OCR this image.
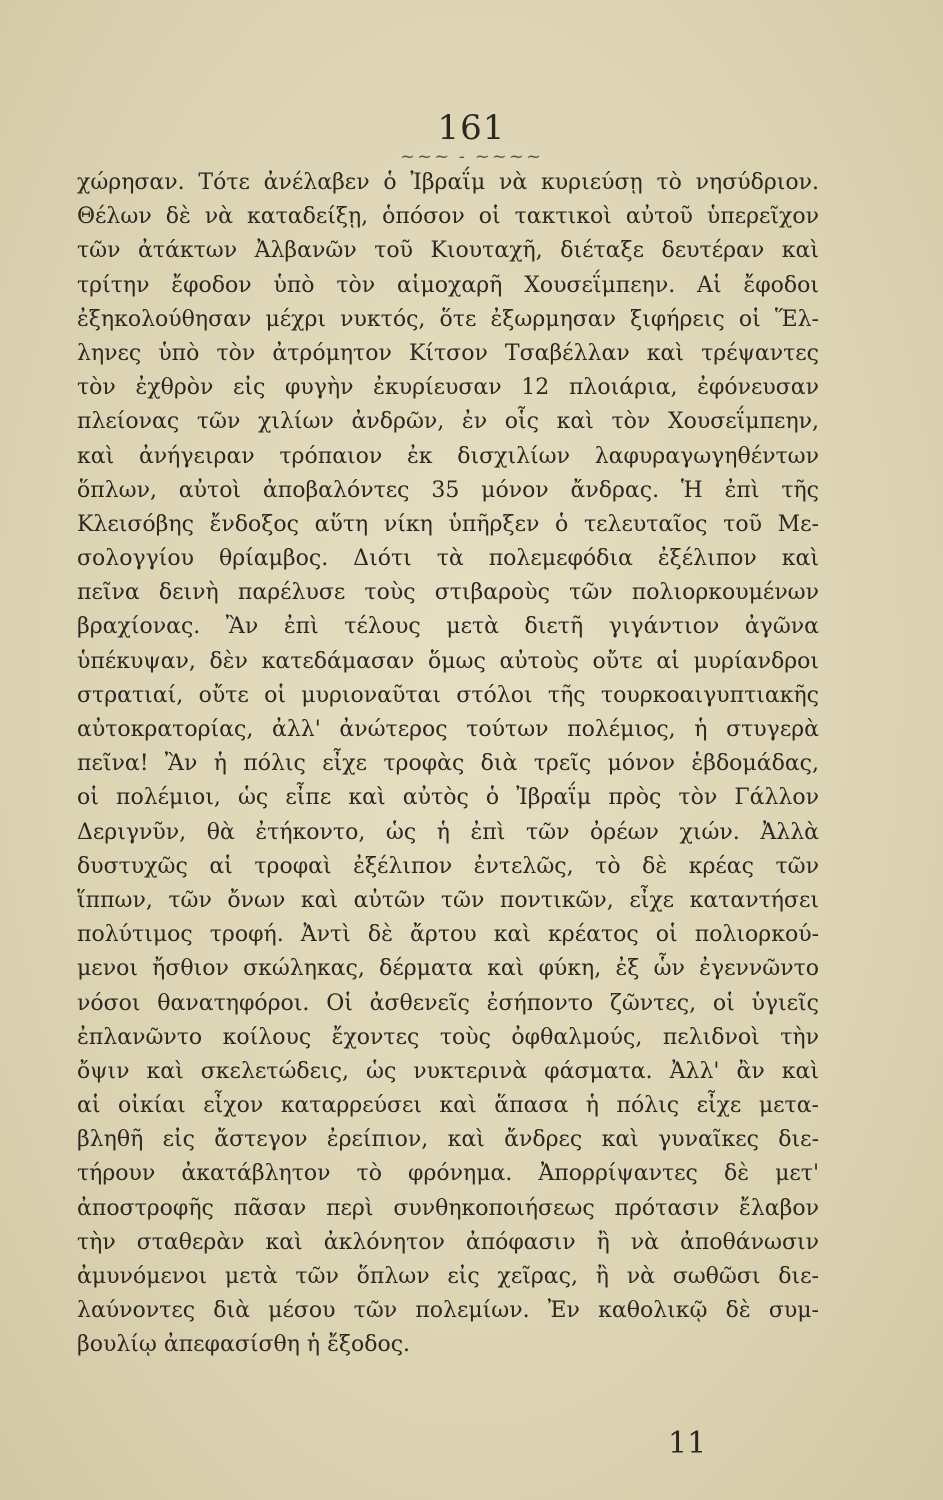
161
~~~ - ~~~~
χώρησαν. Τότε ἀνέλαβεν ὁ Ἰβραΐμ νὰ κυριεύσῃ τὸ νησύδριον.
Θέλων δὲ νὰ καταδείξῃ, ὁπόσον οἱ τακτικοὶ αὐτοῦ ὑπερεῖχον
τῶν ἀτάκτων Ἀλβανῶν τοῦ Κιουταχῆ, διέταξε δευτέραν καὶ
τρίτην ἔφοδον ὑπὸ τὸν αἱμοχαρῆ Χουσεΐμπεην. Αἱ ἔφοδοι
ἐξηκολούθησαν μέχρι νυκτός, ὅτε ἐξωρμησαν ξιφήρεις οἱ Ἕλ-
ληνες ὑπὸ τὸν ἀτρόμητον Κίτσον Τσαβέλλαν καὶ τρέψαντες
τὸν ἐχθρὸν εἰς φυγὴν ἐκυρίευσαν 12 πλοιάρια, ἐφόνευσαν
πλείονας τῶν χιλίων ἀνδρῶν, ἐν οἷς καὶ τὸν Χουσεΐμπεην,
καὶ ἀνήγειραν τρόπαιον ἐκ δισχιλίων λαφυραγωγηθέντων
ὅπλων, αὐτοὶ ἀποβαλόντες 35 μόνον ἄνδρας. Ἡ ἐπὶ τῆς
Κλεισόβης ἔνδοξος αὕτη νίκη ὑπῆρξεν ὁ τελευταῖος τοῦ Με-
σολογγίου θρίαμβος. Διότι τὰ πολεμεφόδια ἐξέλιπον καὶ
πεῖνα δεινὴ παρέλυσε τοὺς στιβαροὺς τῶν πολιορκουμένων
βραχίονας. Ἂν ἐπὶ τέλους μετὰ διετῆ γιγάντιον ἀγῶνα
ὑπέκυψαν, δὲν κατεδάμασαν ὅμως αὐτοὺς οὔτε αἱ μυρίανδροι
στρατιαί, οὔτε οἱ μυριοναῦται στόλοι τῆς τουρκοαιγυπτιακῆς
αὐτοκρατορίας, ἀλλ' ἀνώτερος τούτων πολέμιος, ἡ στυγερὰ
πεῖνα! Ἂν ἡ πόλις εἶχε τροφὰς διὰ τρεῖς μόνον ἑβδομάδας,
οἱ πολέμιοι, ὡς εἶπε καὶ αὐτὸς ὁ Ἰβραΐμ πρὸς τὸν Γάλλον
Δεριγνῦν, θὰ ἐτήκοντο, ὡς ἡ ἐπὶ τῶν ὀρέων χιών. Ἀλλὰ
δυστυχῶς αἱ τροφαὶ ἐξέλιπον ἐντελῶς, τὸ δὲ κρέας τῶν
ἵππων, τῶν ὄνων καὶ αὐτῶν τῶν ποντικῶν, εἶχε καταντήσει
πολύτιμος τροφή. Ἀντὶ δὲ ἄρτου καὶ κρέατος οἱ πολιορκού-
μενοι ἤσθιον σκώληκας, δέρματα καὶ φύκη, ἐξ ὧν ἐγεννῶντο
νόσοι θανατηφόροι. Οἱ ἀσθενεῖς ἐσήποντο ζῶντες, οἱ ὑγιεῖς
ἐπλανῶντο κοίλους ἔχοντες τοὺς ὀφθαλμούς, πελιδνοὶ τὴν
ὄψιν καὶ σκελετώδεις, ὡς νυκτερινὰ φάσματα. Ἀλλ' ἂν καὶ
αἱ οἰκίαι εἶχον καταρρεύσει καὶ ἅπασα ἡ πόλις εἶχε μετα-
βληθῆ εἰς ἄστεγον ἐρείπιον, καὶ ἄνδρες καὶ γυναῖκες διε-
τήρουν ἀκατάβλητον τὸ φρόνημα. Ἀπορρίψαντες δὲ μετ'
ἀποστροφῆς πᾶσαν περὶ συνθηκοποιήσεως πρότασιν ἔλαβον
τὴν σταθερὰν καὶ ἀκλόνητον ἀπόφασιν ἢ νὰ ἀποθάνωσιν
ἀμυνόμενοι μετὰ τῶν ὅπλων εἰς χεῖρας, ἢ νὰ σωθῶσι διε-
λαύνοντες διὰ μέσου τῶν πολεμίων. Ἐν καθολικῷ δὲ συμ-
βουλίῳ ἀπεφασίσθη ἡ ἔξοδος.
11
